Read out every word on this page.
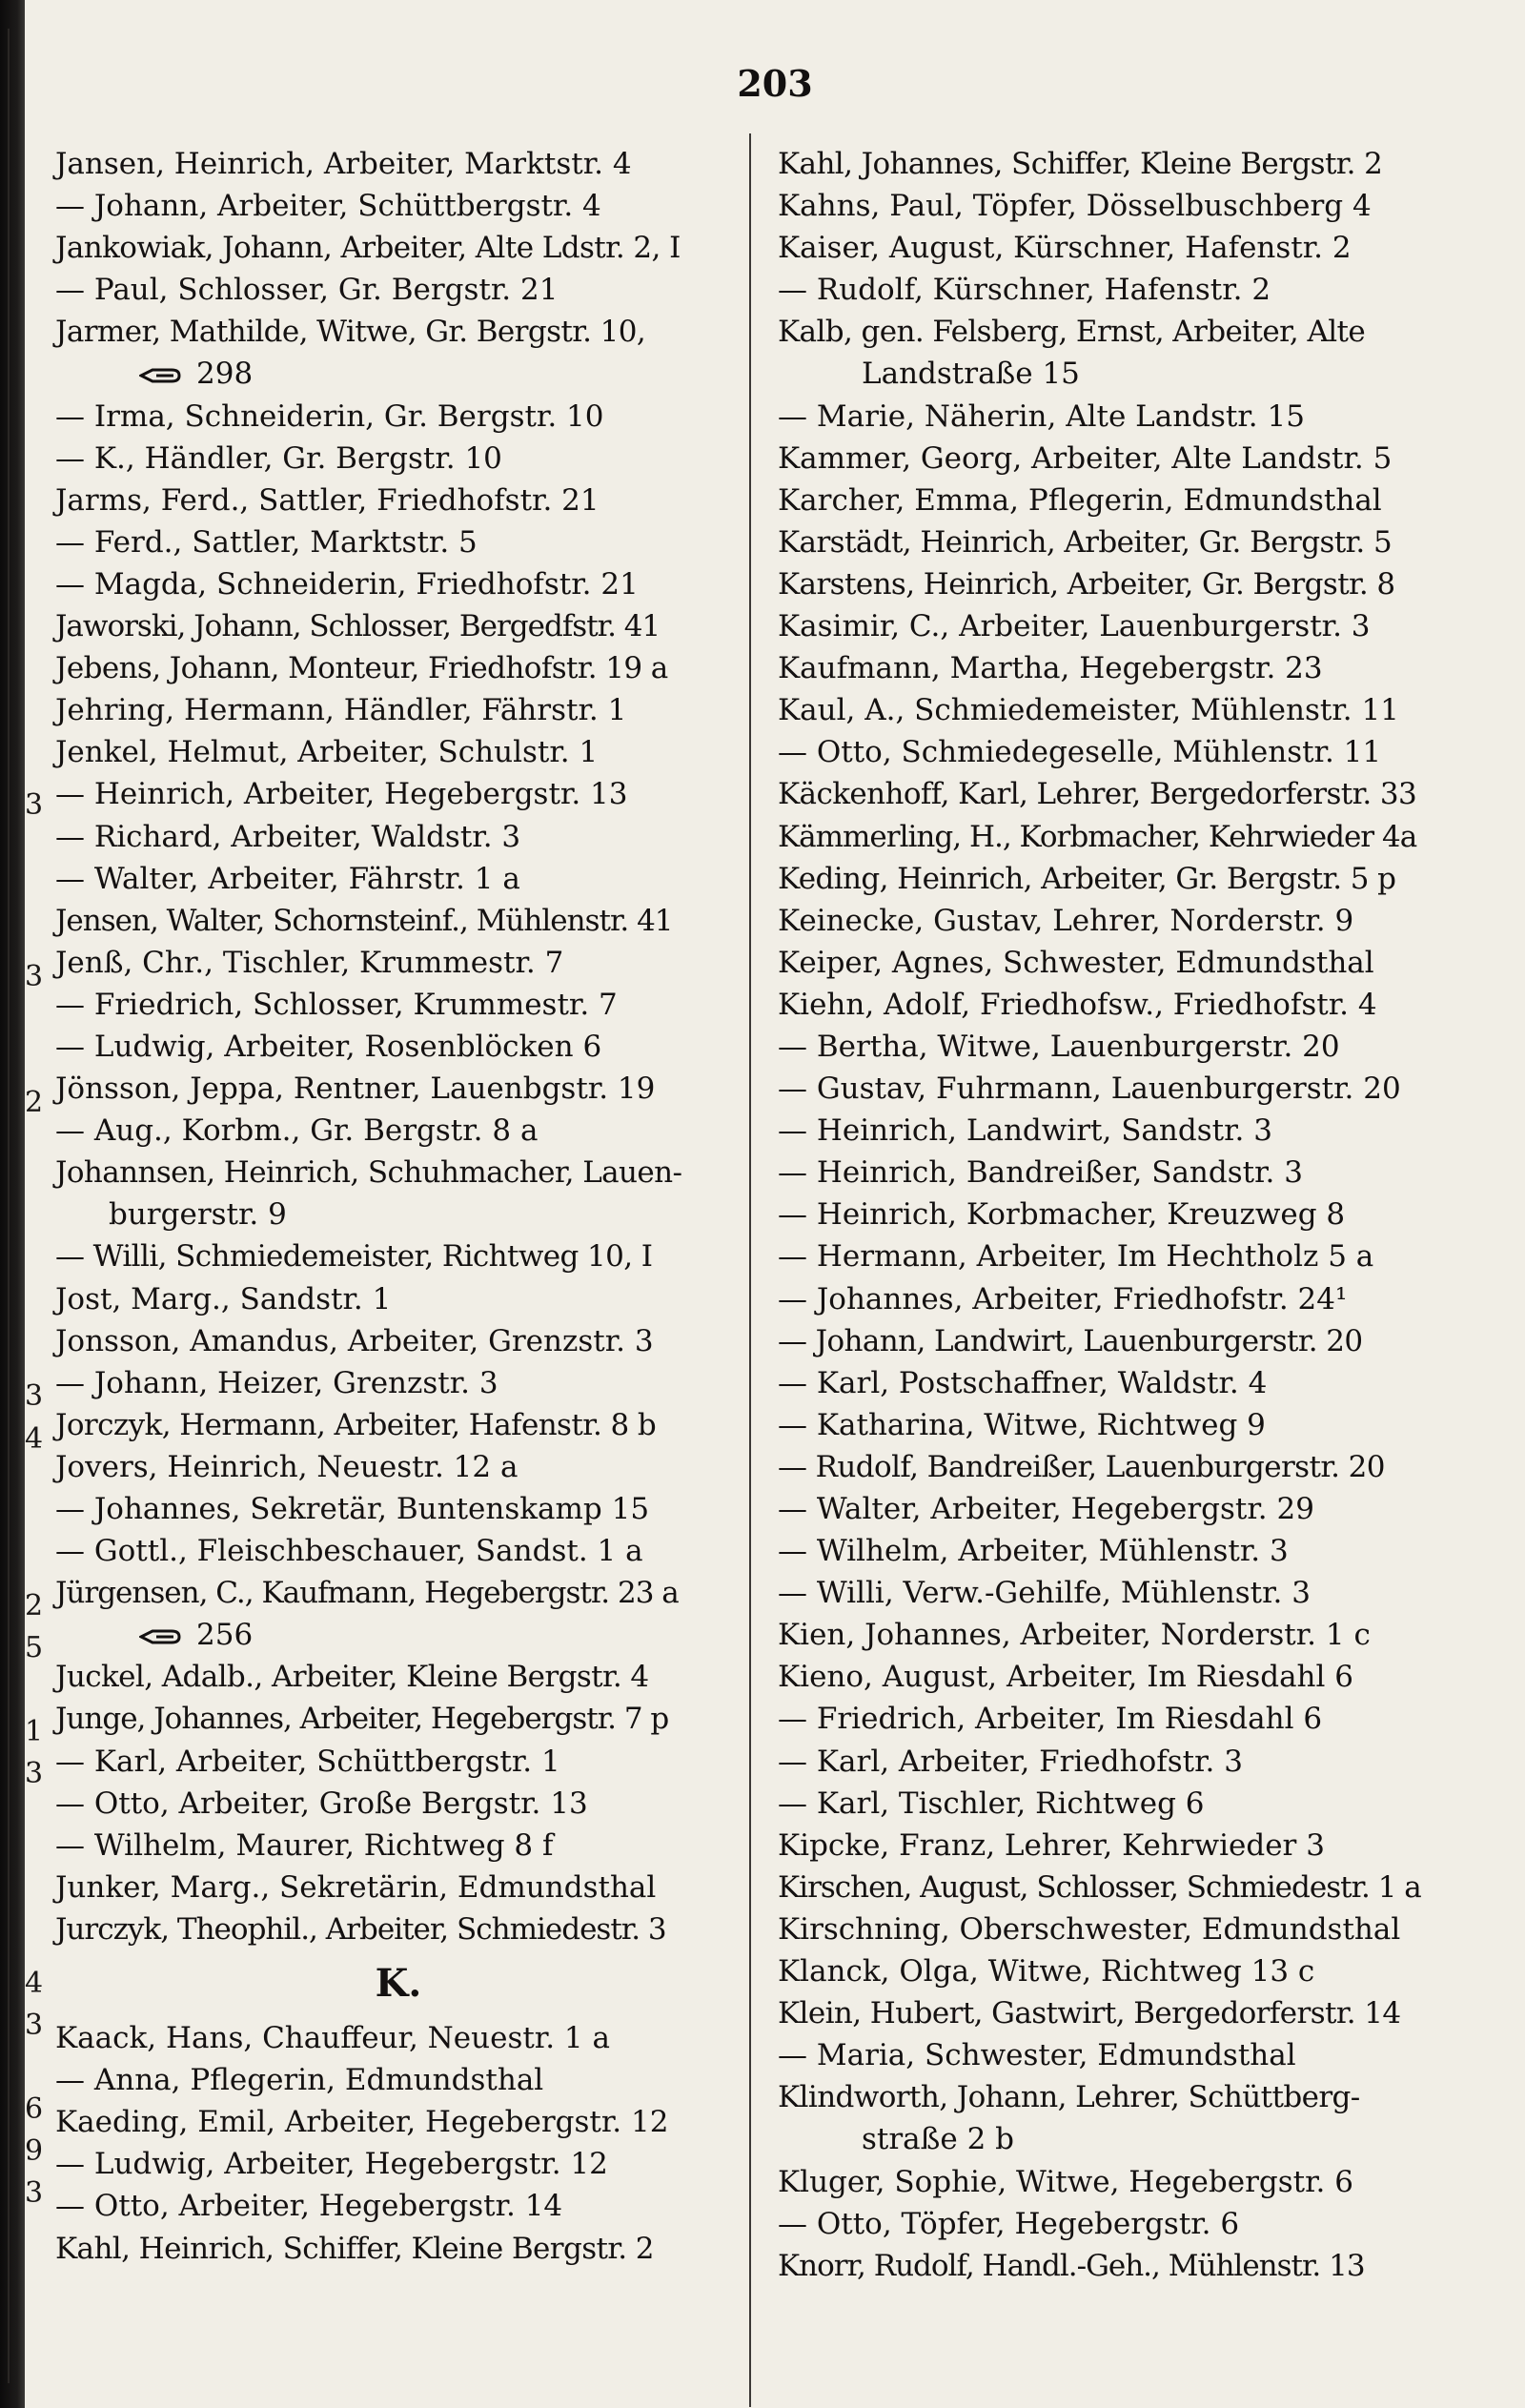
3
3
2
3
4
2
5
1
3
4
3
6
9
3
203
Jansen, Heinrich, Arbeiter, Marktstr. 4
— Johann, Arbeiter, Schüttbergstr. 4
Jankowiak, Johann, Arbeiter, Alte Ldstr. 2, I
— Paul, Schlosser, Gr. Bergstr. 21
Jarmer, Mathilde, Witwe, Gr. Bergstr. 10,
298
— Irma, Schneiderin, Gr. Bergstr. 10
— K., Händler, Gr. Bergstr. 10
Jarms, Ferd., Sattler, Friedhofstr. 21
— Ferd., Sattler, Marktstr. 5
— Magda, Schneiderin, Friedhofstr. 21
Jaworski, Johann, Schlosser, Bergedfstr. 41
Jebens, Johann, Monteur, Friedhofstr. 19 a
Jehring, Hermann, Händler, Fährstr. 1
Jenkel, Helmut, Arbeiter, Schulstr. 1
— Heinrich, Arbeiter, Hegebergstr. 13
— Richard, Arbeiter, Waldstr. 3
— Walter, Arbeiter, Fährstr. 1 a
Jensen, Walter, Schornsteinf., Mühlenstr. 41
Jenß, Chr., Tischler, Krummestr. 7
— Friedrich, Schlosser, Krummestr. 7
— Ludwig, Arbeiter, Rosenblöcken 6
Jönsson, Jeppa, Rentner, Lauenbgstr. 19
— Aug., Korbm., Gr. Bergstr. 8 a
Johannsen, Heinrich, Schuhmacher, Lauen-
burgerstr. 9
— Willi, Schmiedemeister, Richtweg 10, I
Jost, Marg., Sandstr. 1
Jonsson, Amandus, Arbeiter, Grenzstr. 3
— Johann, Heizer, Grenzstr. 3
Jorczyk, Hermann, Arbeiter, Hafenstr. 8 b
Jovers, Heinrich, Neuestr. 12 a
— Johannes, Sekretär, Buntenskamp 15
— Gottl., Fleischbeschauer, Sandst. 1 a
Jürgensen, C., Kaufmann, Hegebergstr. 23 a
256
Juckel, Adalb., Arbeiter, Kleine Bergstr. 4
Junge, Johannes, Arbeiter, Hegebergstr. 7 p
— Karl, Arbeiter, Schüttbergstr. 1
— Otto, Arbeiter, Große Bergstr. 13
— Wilhelm, Maurer, Richtweg 8 f
Junker, Marg., Sekretärin, Edmundsthal
Jurczyk, Theophil., Arbeiter, Schmiedestr. 3
K.
Kaack, Hans, Chauffeur, Neuestr. 1 a
— Anna, Pflegerin, Edmundsthal
Kaeding, Emil, Arbeiter, Hegebergstr. 12
— Ludwig, Arbeiter, Hegebergstr. 12
— Otto, Arbeiter, Hegebergstr. 14
Kahl, Heinrich, Schiffer, Kleine Bergstr. 2
Kahl, Johannes, Schiffer, Kleine Bergstr. 2
Kahns, Paul, Töpfer, Dösselbuschberg 4
Kaiser, August, Kürschner, Hafenstr. 2
— Rudolf, Kürschner, Hafenstr. 2
Kalb, gen. Felsberg, Ernst, Arbeiter, Alte
Landstraße 15
— Marie, Näherin, Alte Landstr. 15
Kammer, Georg, Arbeiter, Alte Landstr. 5
Karcher, Emma, Pflegerin, Edmundsthal
Karstädt, Heinrich, Arbeiter, Gr. Bergstr. 5
Karstens, Heinrich, Arbeiter, Gr. Bergstr. 8
Kasimir, C., Arbeiter, Lauenburgerstr. 3
Kaufmann, Martha, Hegebergstr. 23
Kaul, A., Schmiedemeister, Mühlenstr. 11
— Otto, Schmiedegeselle, Mühlenstr. 11
Käckenhoff, Karl, Lehrer, Bergedorferstr. 33
Kämmerling, H., Korbmacher, Kehrwieder 4a
Keding, Heinrich, Arbeiter, Gr. Bergstr. 5 p
Keinecke, Gustav, Lehrer, Norderstr. 9
Keiper, Agnes, Schwester, Edmundsthal
Kiehn, Adolf, Friedhofsw., Friedhofstr. 4
— Bertha, Witwe, Lauenburgerstr. 20
— Gustav, Fuhrmann, Lauenburgerstr. 20
— Heinrich, Landwirt, Sandstr. 3
— Heinrich, Bandreißer, Sandstr. 3
— Heinrich, Korbmacher, Kreuzweg 8
— Hermann, Arbeiter, Im Hechtholz 5 a
— Johannes, Arbeiter, Friedhofstr. 24¹
— Johann, Landwirt, Lauenburgerstr. 20
— Karl, Postschaffner, Waldstr. 4
— Katharina, Witwe, Richtweg 9
— Rudolf, Bandreißer, Lauenburgerstr. 20
— Walter, Arbeiter, Hegebergstr. 29
— Wilhelm, Arbeiter, Mühlenstr. 3
— Willi, Verw.-Gehilfe, Mühlenstr. 3
Kien, Johannes, Arbeiter, Norderstr. 1 c
Kieno, August, Arbeiter, Im Riesdahl 6
— Friedrich, Arbeiter, Im Riesdahl 6
— Karl, Arbeiter, Friedhofstr. 3
— Karl, Tischler, Richtweg 6
Kipcke, Franz, Lehrer, Kehrwieder 3
Kirschen, August, Schlosser, Schmiedestr. 1 a
Kirschning, Oberschwester, Edmundsthal
Klanck, Olga, Witwe, Richtweg 13 c
Klein, Hubert, Gastwirt, Bergedorferstr. 14
— Maria, Schwester, Edmundsthal
Klindworth, Johann, Lehrer, Schüttberg-
straße 2 b
Kluger, Sophie, Witwe, Hegebergstr. 6
— Otto, Töpfer, Hegebergstr. 6
Knorr, Rudolf, Handl.-Geh., Mühlenstr. 13
